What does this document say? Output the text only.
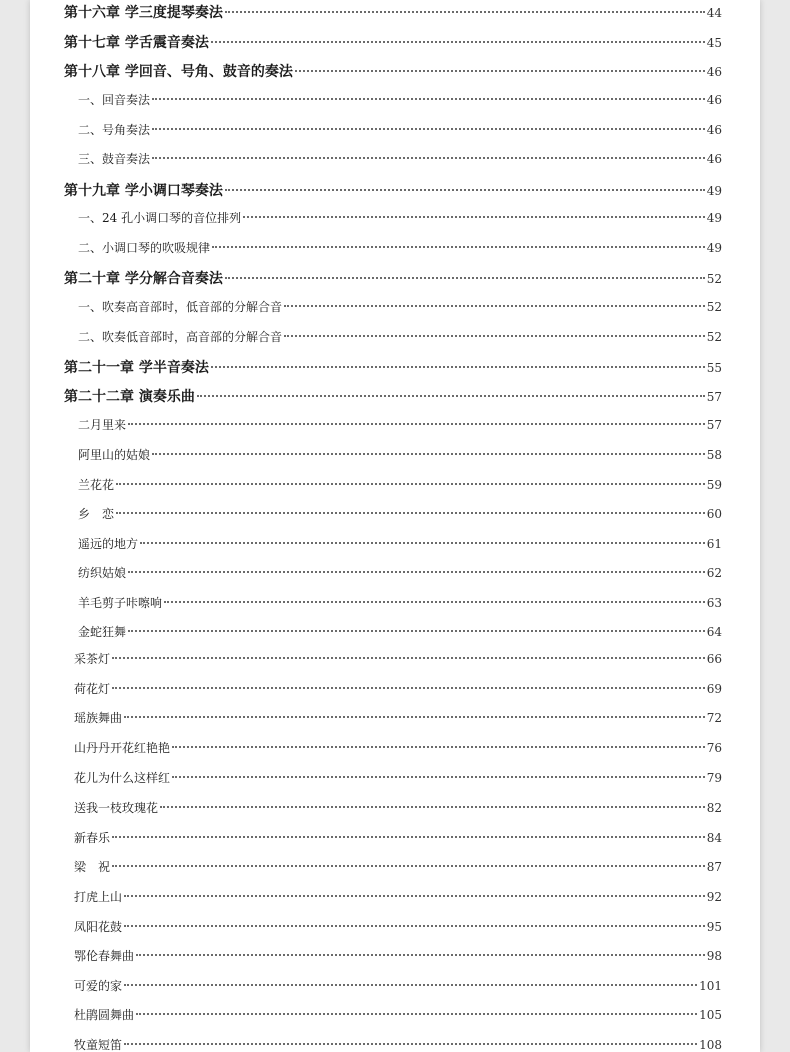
第十六章 学三度提琴奏法	44
第十七章 学舌震音奏法	45
第十八章 学回音、号角、鼓音的奏法	46
一、回音奏法	46
二、号角奏法	46
三、鼓音奏法	46
第十九章 学小调口琴奏法	49
一、24 孔小调口琴的音位排列	49
二、小调口琴的吹吸规律	49
第二十章 学分解合音奏法	52
一、吹奏高音部时，低音部的分解合音	52
二、吹奏低音部时，高音部的分解合音	52
第二十一章 学半音奏法	55
第二十二章 演奏乐曲	57
二月里来	57
阿里山的姑娘	58
兰花花	59
乡　恋	60
遥远的地方	61
纺织姑娘	62
羊毛剪子咔嚓响	63
金蛇狂舞	64
采茶灯	66
荷花灯	69
瑶族舞曲	72
山丹丹开花红艳艳	76
花儿为什么这样红	79
送我一枝玫瑰花	82
新春乐	84
梁　祝	87
打虎上山	92
凤阳花鼓	95
鄂伦春舞曲	98
可爱的家	101
杜鹃圆舞曲	105
牧童短笛	108
